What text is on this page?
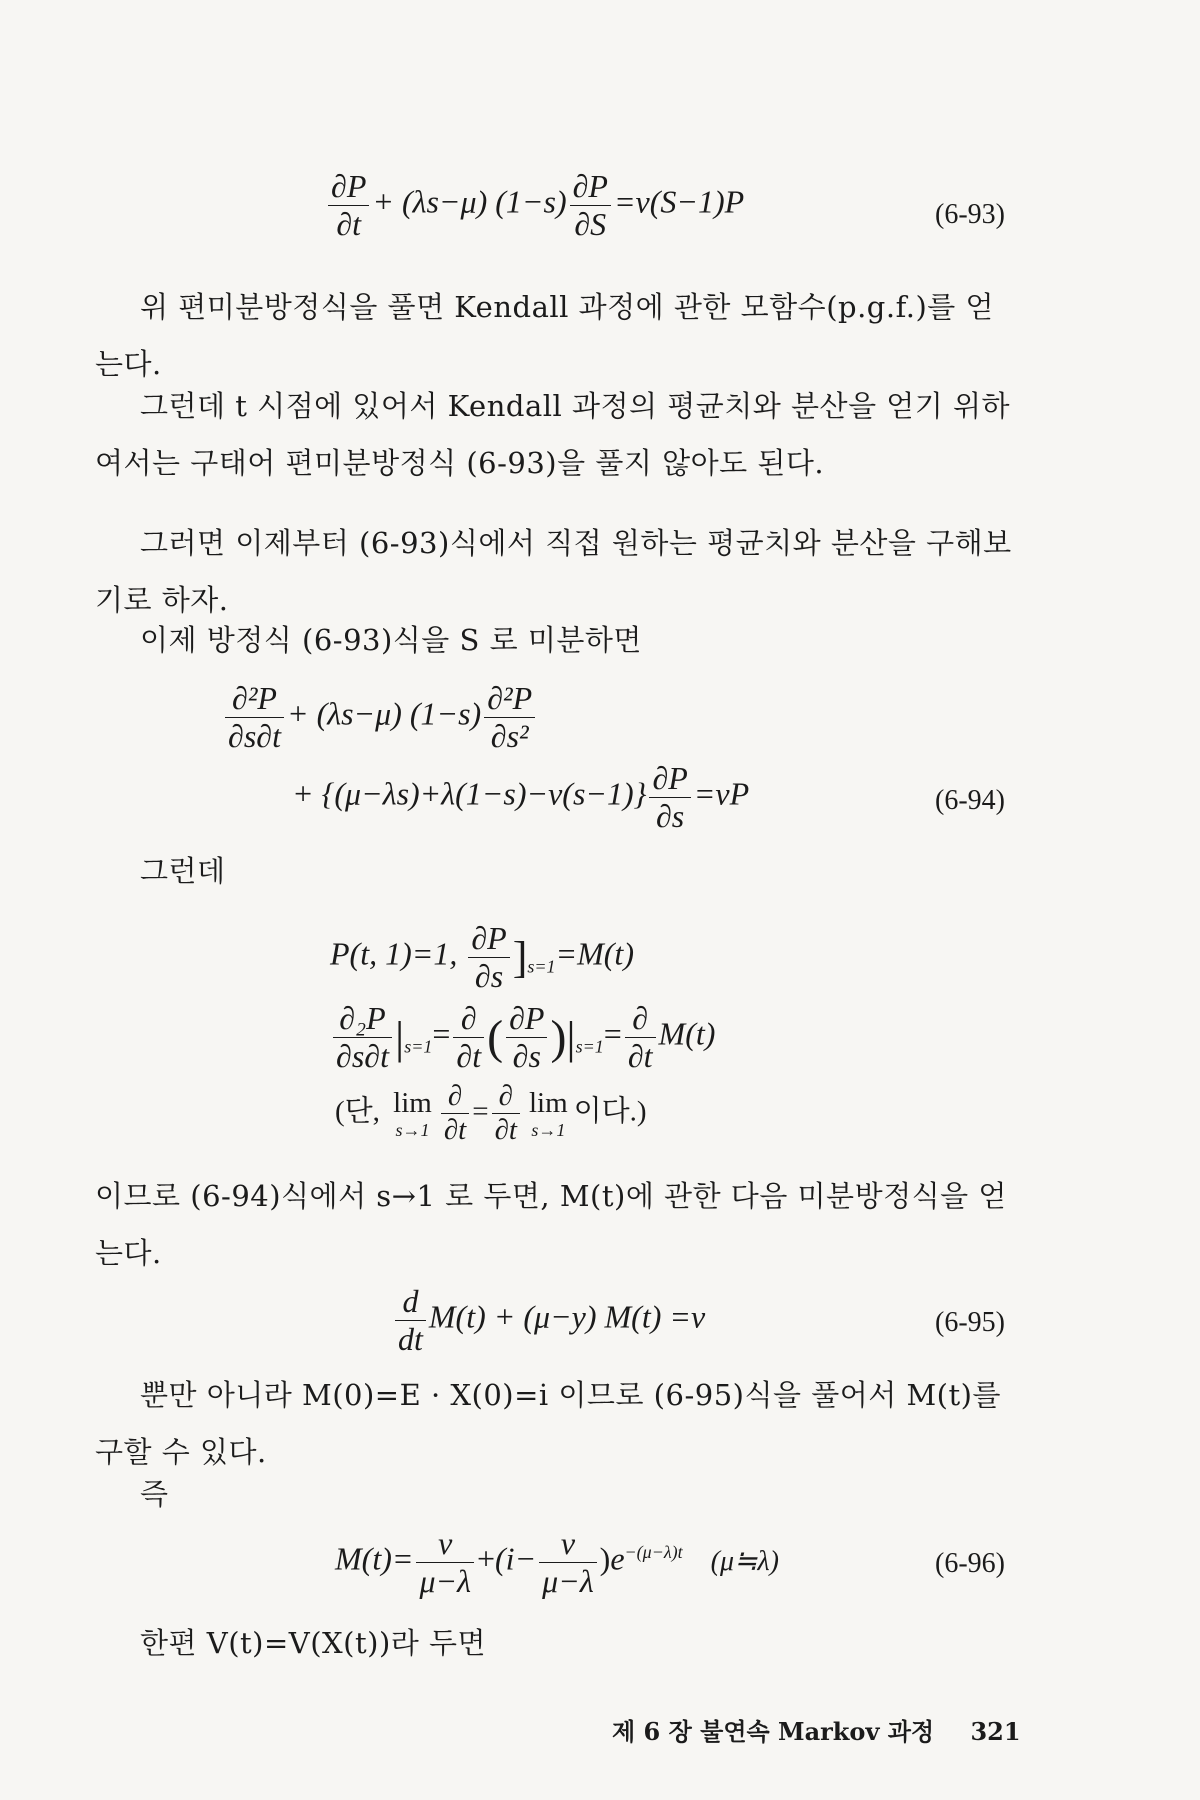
$\frac{\partial P}{\partial t} + (\lambda s-\mu)$ $(1-s) \frac{\partial P}{\partial S} =\nu(S-1)P$	(6-93)
위 편미분방정식을 풀면 Kendall 과정에 관한 모함수(p.g.f.)를 얻
는다.
그런데 t 시점에 있어서 Kendall 과정의 평균치와 분산을 얻기 위하
여서는 구태어 편미분방정식 (6-93)을 풀지 않아도 된다.
그러면 이제부터 (6-93)식에서 직접 원하는 평균치와 분산을 구해보
기로 하자.
이제 방정식 (6-93)식을 S 로 미분하면
$\frac{\text{∂²P}}{\partial s\partial t} + (\lambda s-\mu)$ $(1-s) \frac{\text{∂²P}}{\text{∂s²}}$
+ $\{(\mu-\lambda s)+\lambda(1-s)-\nu(s-1)\} \frac{\partial P}{\partial s} =\nu P$	(6-94)
그런데
P(t, 1)=1, $\frac{\partial P}{\partial s} ]_{s=1}=M(t)$
$\frac{\text{∂₂P}}{\partial s\partial t} |_{s=1}= \frac{\partial}{\partial t}$ ( $\frac{\partial P}{\partial s} )|_{s=1}= \frac{\partial}{\partial t} M(t)$
(단, lim
$s\to 1 \frac{\partial}{\partial t} = \frac{\partial}{\partial t}$ lim
s→1
이다.)
이므로 (6-94)식에서 s→1 로 두면, M(t)에 관한 다음 미분방정식을 얻
는다.
$\frac{d}{dt} M(t) + (\mu-y)$ M(t) =ν	(6-95)
뿐만 아니라 M(0)=E · X(0)=i 이므로 (6-95)식을 풀어서 M(t)를
구할 수 있다.
즉
$M(t)= \frac{\nu}{\mu-\lambda} +(i- \frac{\nu}{\mu-\lambda} )e^{-(\mu-\lambda)t}$ (μ≒λ)	(6-96)
한편 V(t)=V(X(t))라 두면
제 6 장 불연속 Markov 과정 321
